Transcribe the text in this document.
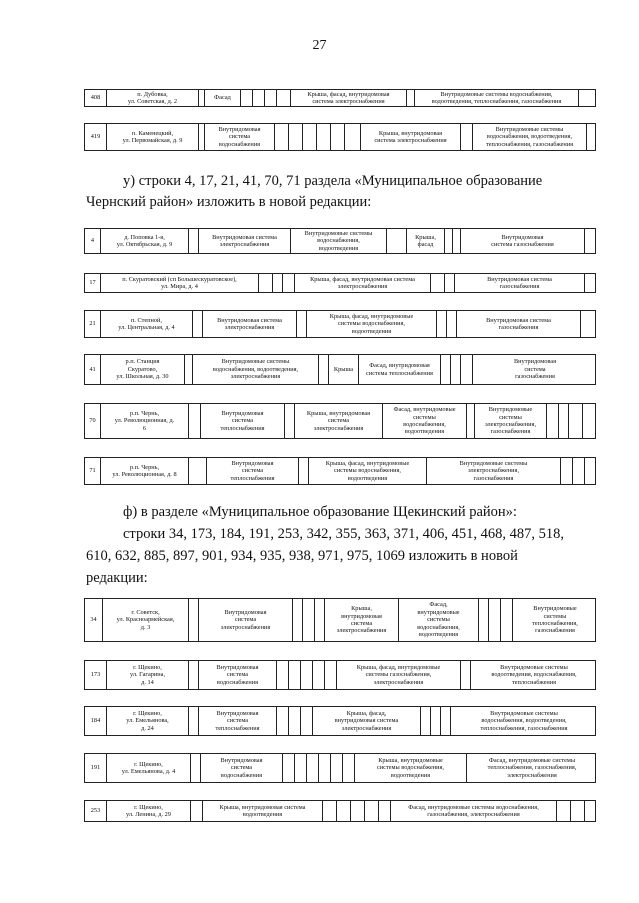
27
408
п. Дубовка,
ул. Советская, д. 2
Фасад
Крыша, фасад, внутридомовая
система электроснабжения
Внутридомовые системы водоснабжения,
водоотведения, теплоснабжения, газоснабжения
419
п. Каменецкий,
ул. Первомайская, д. 9
Внутридомовая
система
водоснабжения
Крыша, внутридомовая
система электроснабжения
Внутридомовые системы
водоснабжения, водоотведения,
теплоснабжения, газоснабжения
у) строки 4, 17, 21, 41, 70, 71 раздела «Муниципальное образование
Чернский район» изложить в новой редакции:
4
д. Поповка 1-я,
ул. Октябрьская, д. 9
Внутридомовая система
электроснабжения
Внутридомовые системы
водоснабжения,
водоотведения
Крыша,
фасад
Внутридомовая
система газоснабжения
17
п. Скуратовский (сп Большескуратовское),
ул. Мира, д. 4
Крыша, фасад, внутридомовая система
электроснабжения
Внутридомовая система
газоснабжения
21
п. Степной,
ул. Центральная, д. 4
Внутридомовая система
электроснабжения
Крыша, фасад, внутридомовые
системы водоснабжения,
водоотведения
Внутридомовая система
газоснабжения
41
р.п. Станция
Скуратово,
ул. Школьная, д. 30
Внутридомовые системы
водоснабжения, водоотведения,
электроснабжения
Крыша
Фасад, внутридомовая
система теплоснабжения
Внутридомовая
система
газоснабжения
70
р.п. Чернь,
ул. Революционная, д.
6
Внутридомовая
система
теплоснабжения
Крыша, внутридомовая
система
электроснабжения
Фасад, внутридомовые
системы
водоснабжения,
водоотведения
Внутридомовые
системы
электроснабжения,
газоснабжения
71
р.п. Чернь,
ул. Революционная, д. 8
Внутридомовая
система
теплоснабжения
Крыша, фасад, внутридомовые
системы водоснабжения,
водоотведения
Внутридомовые системы
электроснабжения,
газоснабжения
ф) в разделе «Муниципальное образование Щекинский район»:
строки 34, 173, 184, 191, 253, 342, 355, 363, 371, 406, 451, 468, 487, 518,
610, 632, 885, 897, 901, 934, 935, 938, 971, 975, 1069 изложить в новой
редакции:
34
г. Советск,
ул. Красноармейская,
д. 3
Внутридомовая
система
электроснабжения
Крыша,
внутридомовая
система
электроснабжения
Фасад,
внутридомовые
системы
водоснабжения,
водоотведения
Внутридомовые
системы
теплоснабжения,
газоснабжения
173
г. Щекино,
ул. Гагарина,
д. 14
Внутридомовая
система
водоснабжения
Крыша, фасад, внутридомовые
системы газоснабжения,
электроснабжения
Внутридомовые системы
водоотведения, водоснабжения,
теплоснабжения
184
г. Щекино,
ул. Емельянова,
д. 24
Внутридомовая
система
теплоснабжения
Крыша, фасад,
внутридомовая система
электроснабжения
Внутридомовые системы
водоснабжения, водоотведения,
теплоснабжения, газоснабжения
191
г. Щекино,
ул. Емельянова, д. 4
Внутридомовая
система
водоснабжения
Крыша, внутридомовые
системы водоснабжения,
водоотведения
Фасад, внутридомовые системы
теплоснабжения, газоснабжения,
электроснабжения
253
г. Щекино,
ул. Ленина, д. 29
Крыша, внутридомовая система
водоотведения
Фасад, внутридомовые системы водоснабжения,
газоснабжения, электроснабжения
